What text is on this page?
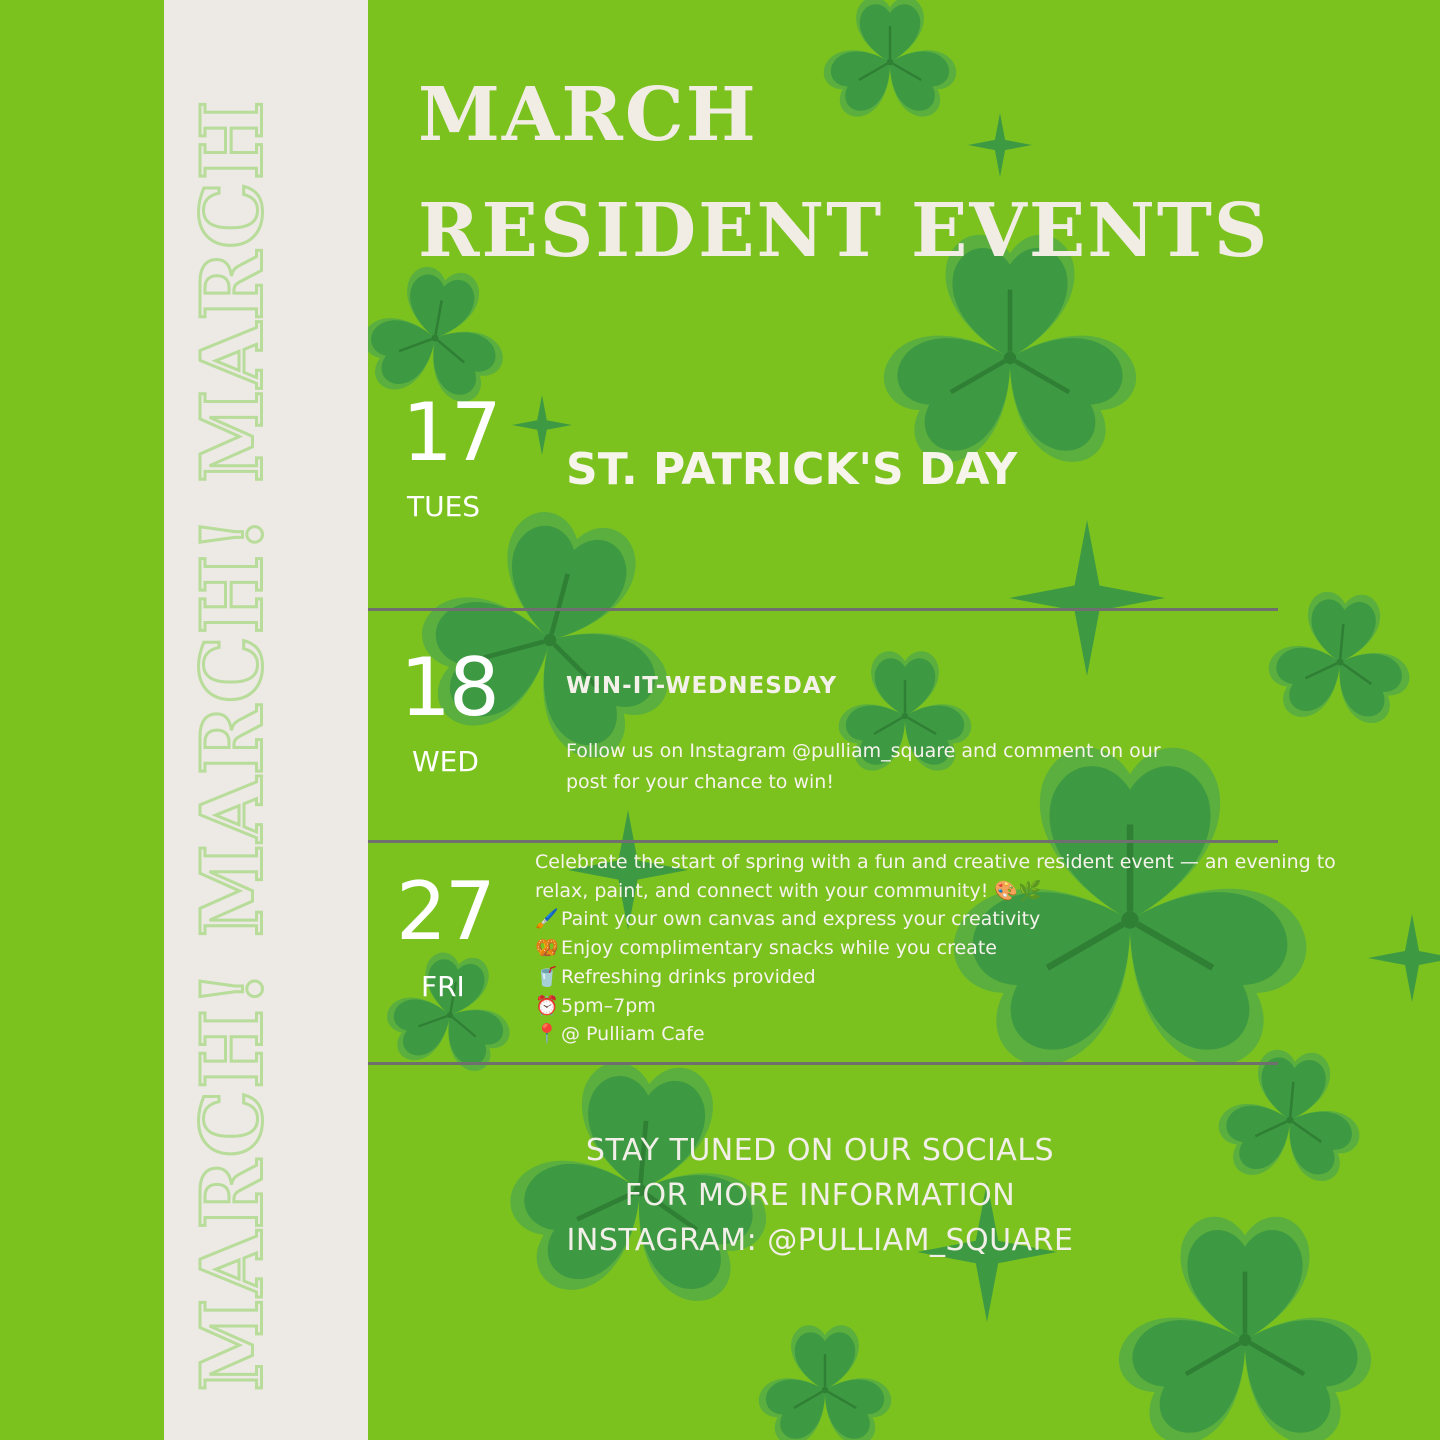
MARCH! MARCH! MARCH MARCH
RESIDENT EVENTS
17
TUES
ST. PATRICK'S DAY
18
WED
WIN-IT-WEDNESDAY

Follow us on Instagram @pulliam_square and comment on our

post for your chance to win!

27
FRI

Celebrate the start of spring with a fun and creative resident event — an evening to

relax, paint, and connect with your community! 🎨🌿

🖌️ Paint your own canvas and express your creativity

🥨 Enjoy complimentary snacks while you create

🥤 Refreshing drinks provided

⏰ 5pm–7pm

📍 @ Pulliam Cafe

STAY TUNED ON OUR SOCIALS
FOR MORE INFORMATION
INSTAGRAM: @PULLIAM_SQUARE
